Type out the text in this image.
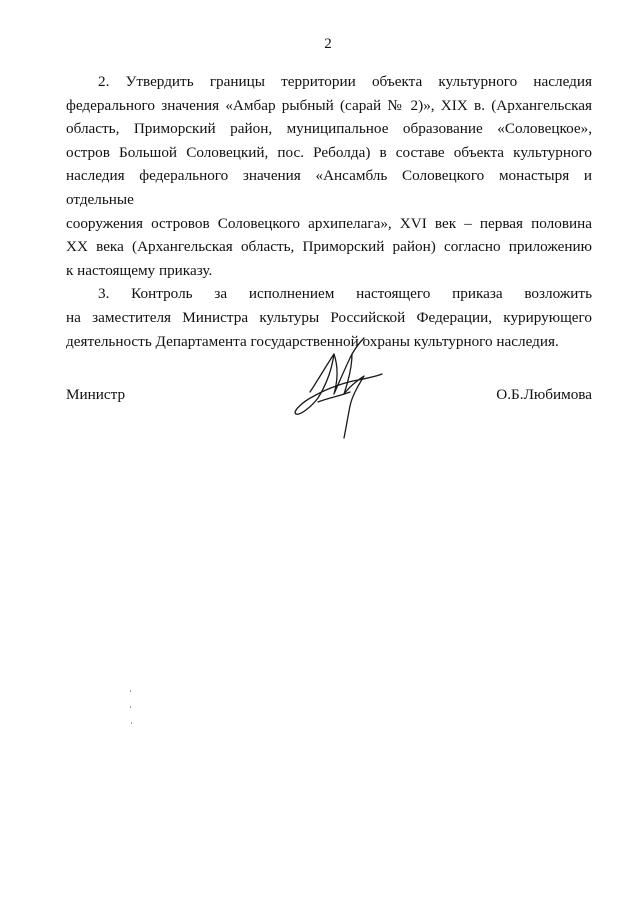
2

2. Утвердить границы территории объекта культурного наследия
федерального значения «Амбар рыбный (сарай № 2)», XIX в. (Архангельская
область, Приморский район, муниципальное образование «Соловецкое»,
остров Большой Соловецкий, пос. Реболда) в составе объекта культурного
наследия федерального значения «Ансамбль Соловецкого монастыря и отдельные
сооружения островов Соловецкого архипелага», XVI век – первая половина
XX века (Архангельская область, Приморский район) согласно приложению
к настоящему приказу.

3. Контроль за исполнением настоящего приказа возложить
на заместителя Министра культуры Российской Федерации, курирующего
деятельность Департамента государственной охраны культурного наследия.

Министр	О.Б.Любимова
